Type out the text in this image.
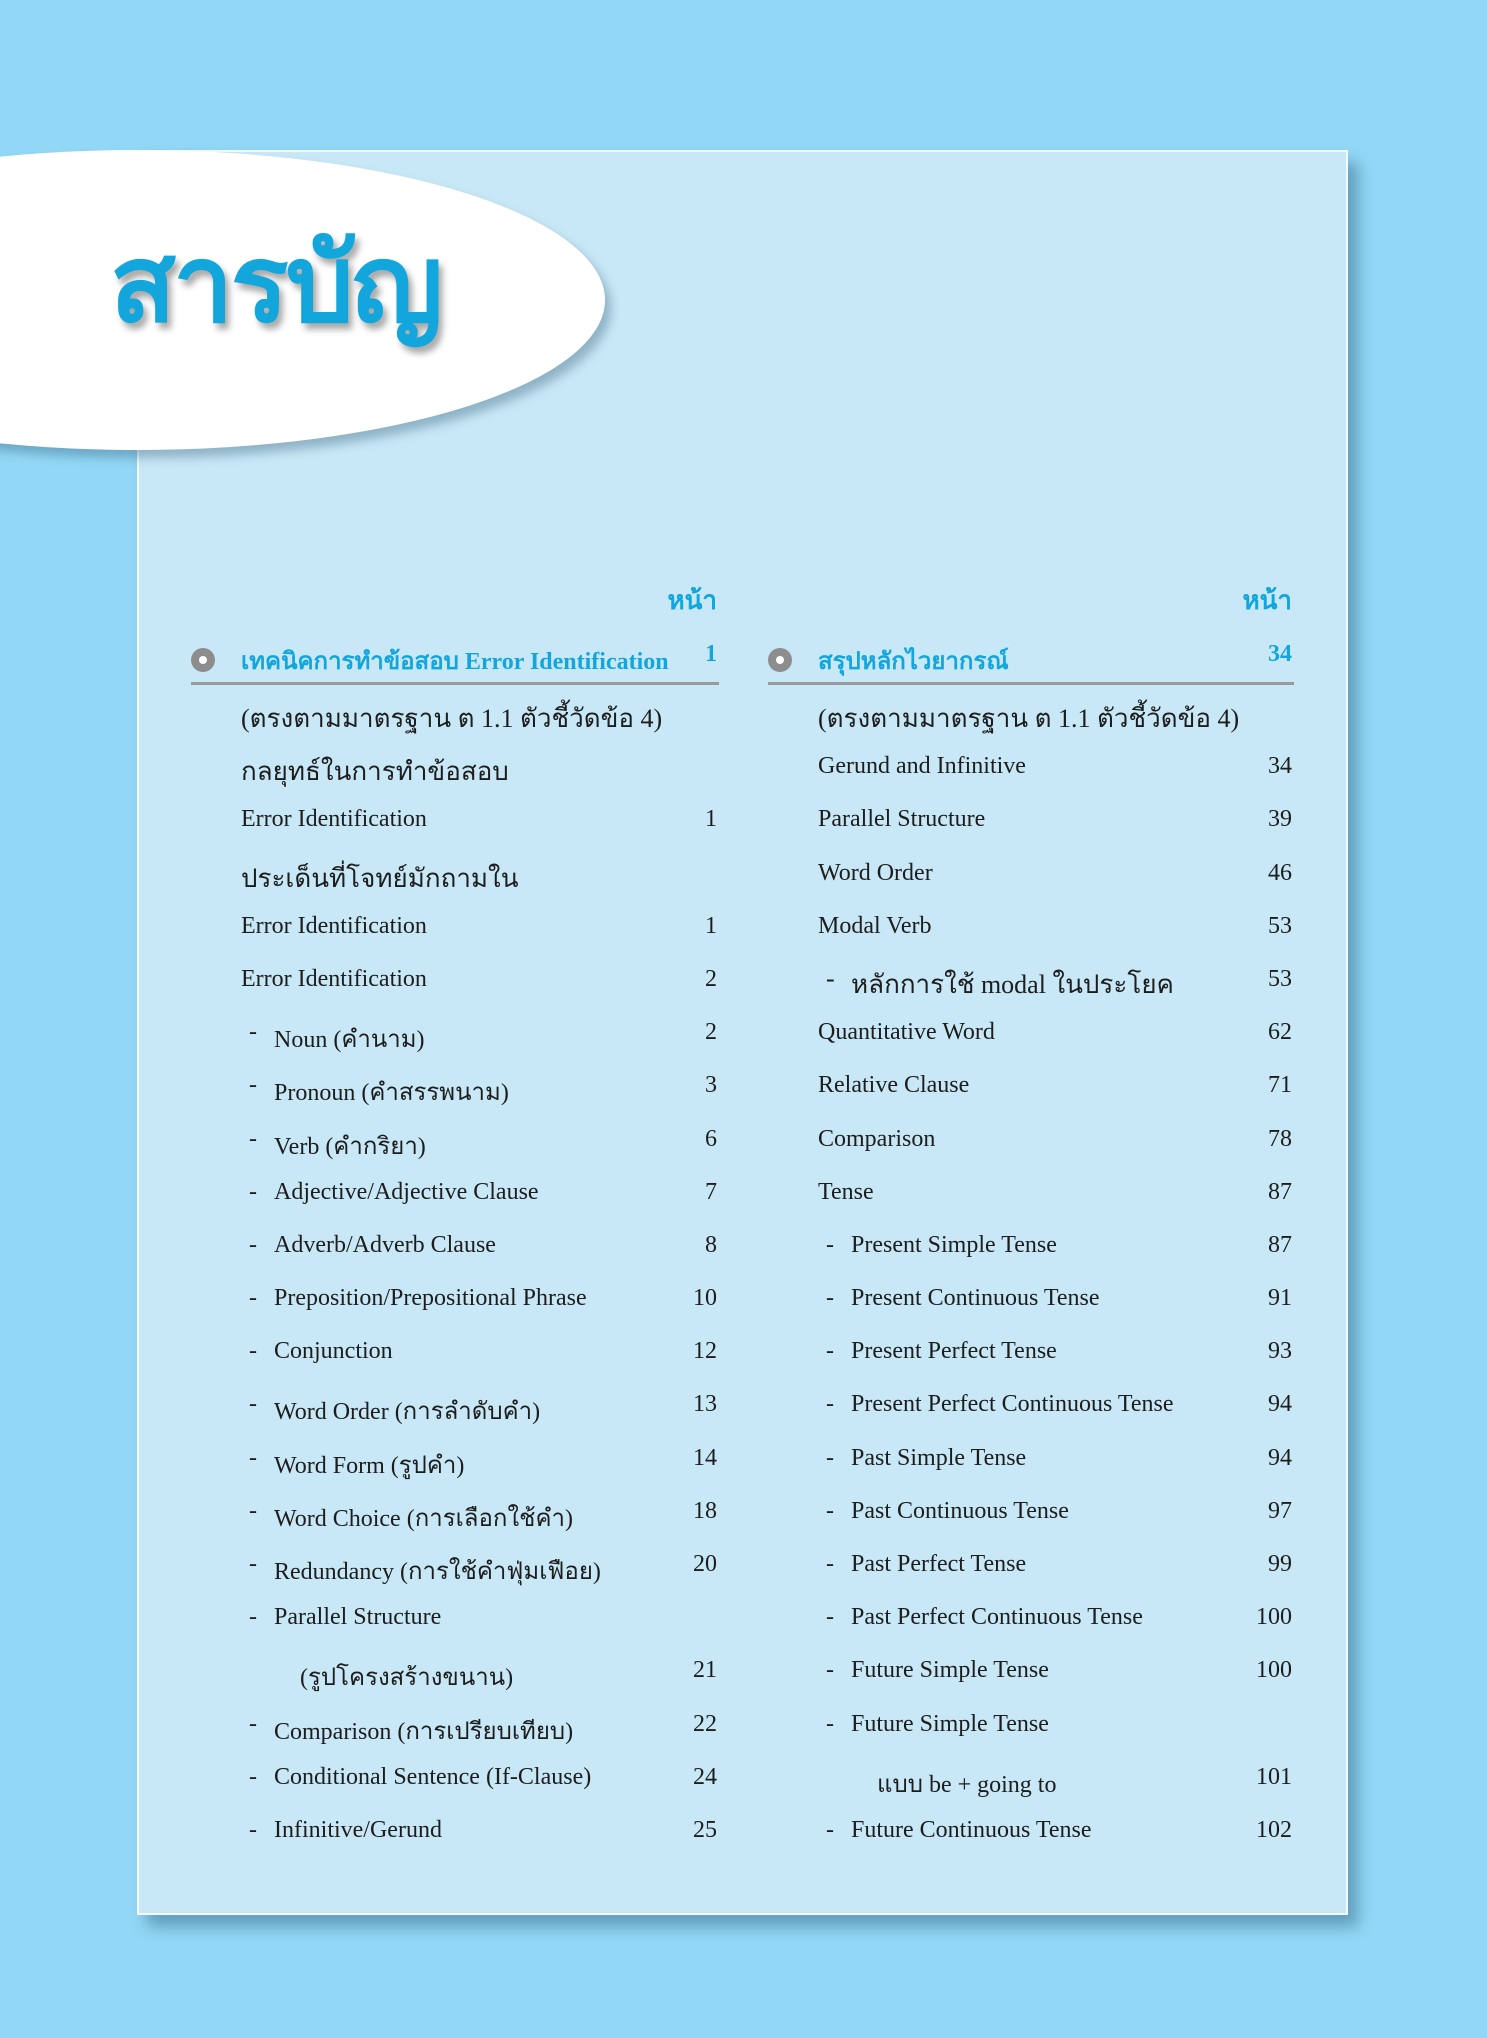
สารบัญ
หน้า
เทคนิคการทำข้อสอบ Error Identification 1
(ตรงตามมาตรฐาน ต 1.1 ตัวชี้วัดข้อ 4)
กลยุทธ์ในการทำข้อสอบ
Error Identification	1
ประเด็นที่โจทย์มักถามใน
Error Identification	1
Error Identification	2
- Noun (คำนาม)	2
- Pronoun (คำสรรพนาม)	3
- Verb (คำกริยา)	6
- Adjective/Adjective Clause	7
- Adverb/Adverb Clause	8
- Preposition/Prepositional Phrase	10
- Conjunction	12
- Word Order (การลำดับคำ)	13
- Word Form (รูปคำ)	14
- Word Choice (การเลือกใช้คำ)	18
- Redundancy (การใช้คำฟุ่มเฟือย)	20
- Parallel Structure
(รูปโครงสร้างขนาน)	21
- Comparison (การเปรียบเทียบ)	22
- Conditional Sentence (If-Clause)	24
- Infinitive/Gerund	25
หน้า
สรุปหลักไวยากรณ์	34
(ตรงตามมาตรฐาน ต 1.1 ตัวชี้วัดข้อ 4)
Gerund and Infinitive	34
Parallel Structure	39
Word Order	46
Modal Verb	53
- หลักการใช้ modal ในประโยค	53
Quantitative Word	62
Relative Clause	71
Comparison	78
Tense	87
- Present Simple Tense	87
- Present Continuous Tense	91
- Present Perfect Tense	93
- Present Perfect Continuous Tense	94
- Past Simple Tense	94
- Past Continuous Tense	97
- Past Perfect Tense	99
- Past Perfect Continuous Tense	100
- Future Simple Tense	100
- Future Simple Tense
แบบ be + going to	101
- Future Continuous Tense	102
